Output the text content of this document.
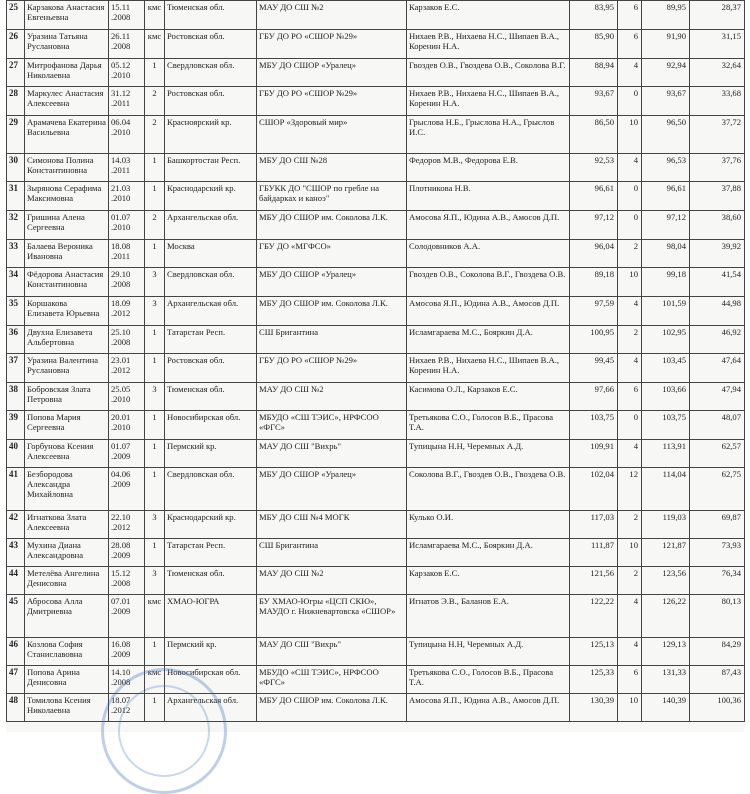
25	Карзакова Анастасия Евгеньевна	15.11 .2008	кмс	Тюменская обл.	МАУ ДО СШ №2	Карзаков Е.С.	83,95	6	89,95	28,37
26	Уразина Татьяна Руслановна	26.11 .2008	кмс	Ростовская обл.	ГБУ ДО РО «СШОР №29»	Нихаев Р.В., Нихаева Н.С., Шипаев В.А., Коренин Н.А.	85,90	6	91,90	31,15
27	Митрофанова Дарья Николаевна	05.12 .2010	1	Свердловская обл.	МБУ ДО СШОР «Уралец»	Гвоздев О.В., Гвоздева О.В., Соколова В.Г.	88,94	4	92,94	32,64
28	Маркулес Анастасия Алексеевна	31.12 .2011	2	Ростовская обл.	ГБУ ДО РО «СШОР №29»	Нихаев Р.В., Нихаева Н.С., Шипаев В.А., Коренин Н.А.	93,67	0	93,67	33,68
29	Арамачева Екатерина Васильевна	06.04 .2010	2	Красноярский кр.	СШОР «Здоровый мир»	Грыслова Н.Б., Грыслова Н.А., Грыслов И.С.	86,50	10	96,50	37,72
30	Симонова Полина Константиновна	14.03 .2011	1	Башкортостан Респ.	МБУ ДО СШ №28	Федоров М.В., Федорова Е.В.	92,53	4	96,53	37,76
31	Зырянова Серафима Максимовна	21.03 .2010	1	Краснодарский кр.	ГБУКК ДО "СШОР по гребле на байдарках и каноэ"	Плотникова Н.В.	96,61	0	96,61	37,88
32	Гришина Алена Сергеевна	01.07 .2010	2	Архангельская обл.	МБУ ДО СШОР им. Соколова Л.К.	Амосова Я.П., Юдина А.В., Амосов Д.П.	97,12	0	97,12	38,60
33	Балаева Вероника Ивановна	18.08 .2011	1	Москва	ГБУ ДО «МГФСО»	Солодовников А.А.	96,04	2	98,04	39,92
34	Фёдорова Анастасия Константиновна	29.10 .2008	3	Свердловская обл.	МБУ ДО СШОР «Уралец»	Гвоздев О.В., Соколова В.Г., Гвоздева О.В.	89,18	10	99,18	41,54
35	Коршакова Елизавета Юрьевна	18.09 .2012	3	Архангельская обл.	МБУ ДО СШОР им. Соколова Л.К.	Амосова Я.П., Юдина А.В., Амосов Д.П.	97,59	4	101,59	44,98
36	Двухна Елизавета Альбертовна	25.10 .2008	1	Татарстан Респ.	СШ Бригантина	Исламгараева М.С., Бояркин Д.А.	100,95	2	102,95	46,92
37	Уразина Валентина Руслановна	23.01 .2012	1	Ростовская обл.	ГБУ ДО РО «СШОР №29»	Нихаев Р.В., Нихаева Н.С., Шипаев В.А., Коренин Н.А.	99,45	4	103,45	47,64
38	Бобровская Злата Петровна	25.05 .2010	3	Тюменская обл.	МАУ ДО СШ №2	Касимова О.Л., Карзаков Е.С.	97,66	6	103,66	47,94
39	Попова Мария Сергеевна	20.01 .2010	1	Новосибирская обл.	МБУДО «СШ ТЭИС», НРФСОО «ФГС»	Третьякова С.О., Голосов В.Б., Прасова Т.А.	103,75	0	103,75	48,07
40	Горбунова Ксения Алексеевна	01.07 .2009	1	Пермский кр.	МАУ ДО СШ "Вихрь"	Тупицына Н.Н, Черемных А.Д.	109,91	4	113,91	62,57
41	Безбородова Александра Михайловна	04.06 .2009	1	Свердловская обл.	МБУ ДО СШОР «Уралец»	Соколова В.Г., Гвоздев О.В., Гвоздева О.В.	102,04	12	114,04	62,75
42	Игнаткова Злата Алексеевна	22.10 .2012	3	Краснодарский кр.	МБУ ДО СШ №4 МОГК	Кулько О.И.	117,03	2	119,03	69,87
43	Мухина Диана Александровна	28.08 .2009	1	Татарстан Респ.	СШ Бригантина	Исламгараева М.С., Бояркин Д.А.	111,87	10	121,87	73,93
44	Метелёва Ангелина Денисовна	15.12 .2008	3	Тюменская обл.	МАУ ДО СШ №2	Карзаков Е.С.	121,56	2	123,56	76,34
45	Абросова Алла Дмитриевна	07.01 .2009	кмс	ХМАО-ЮГРА	БУ ХМАО-Югры «ЦСП СКЮ», МАУДО г. Нижневартовска «СШОР»	Игнатов Э.В., Баланов Е.А.	122,22	4	126,22	80,13
46	Козлова София Станиславовна	16.08 .2009	1	Пермский кр.	МАУ ДО СШ "Вихрь"	Тупицына Н.Н, Черемных А.Д.	125,13	4	129,13	84,29
47	Попова Арина Денисовна	14.10 .2008	кмс	Новосибирская обл.	МБУДО «СШ ТЭИС», НРФСОО «ФГС»	Третьякова С.О., Голосов В.Б., Прасова Т.А.	125,33	6	131,33	87,43
48	Томилова Ксения Николаевна	18.07 .2012	1	Архангельская обл.	МБУ ДО СШОР им. Соколова Л.К.	Амосова Я.П., Юдина А.В., Амосов Д.П.	130,39	10	140,39	100,36
